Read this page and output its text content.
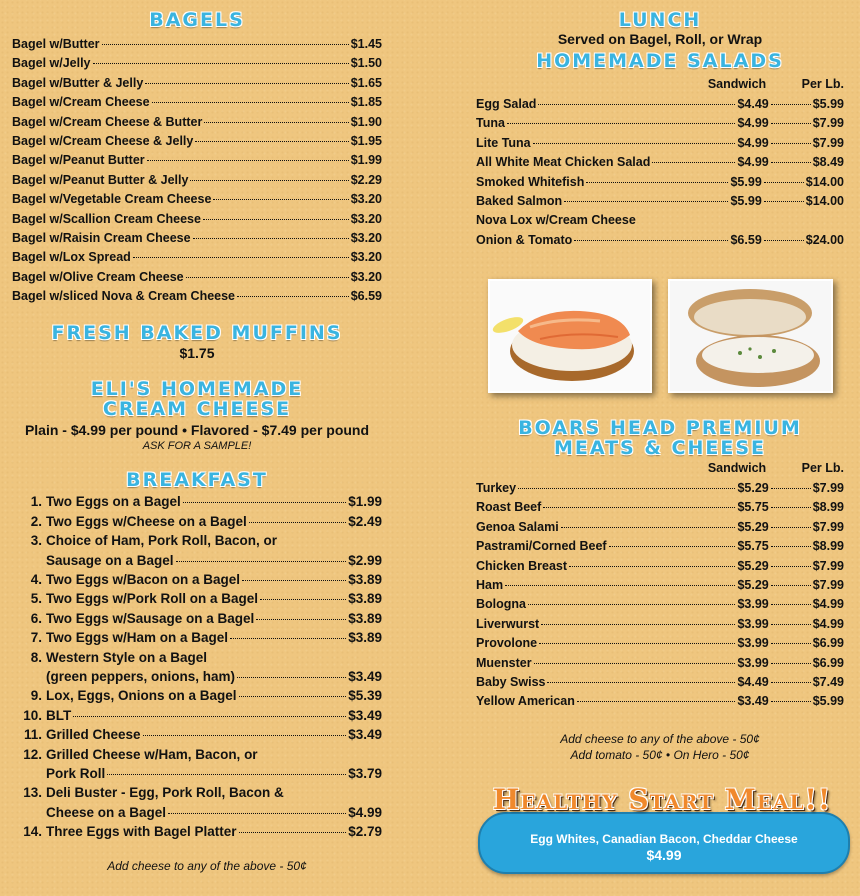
BAGELS
Bagel w/Butter	$1.45
Bagel w/Jelly	$1.50
Bagel w/Butter & Jelly	$1.65
Bagel w/Cream Cheese	$1.85
Bagel w/Cream Cheese & Butter	$1.90
Bagel w/Cream Cheese & Jelly	$1.95
Bagel w/Peanut Butter	$1.99
Bagel w/Peanut Butter & Jelly	$2.29
Bagel w/Vegetable Cream Cheese	$3.20
Bagel w/Scallion Cream Cheese	$3.20
Bagel w/Raisin Cream Cheese	$3.20
Bagel w/Lox Spread	$3.20
Bagel w/Olive Cream Cheese	$3.20
Bagel w/sliced Nova & Cream Cheese	$6.59
FRESH BAKED MUFFINS
$1.75
ELI'S HOMEMADE
CREAM CHEESE
Plain - $4.99 per pound • Flavored - $7.49 per pound
ASK FOR A SAMPLE!
BREAKFAST
1. Two Eggs on a Bagel	$1.99
2. Two Eggs w/Cheese on a Bagel	$2.49
3. Choice of Ham, Pork Roll, Bacon, or
Sausage on a Bagel	$2.99
4. Two Eggs w/Bacon on a Bagel	$3.89
5. Two Eggs w/Pork Roll on a Bagel	$3.89
6. Two Eggs w/Sausage on a Bagel	$3.89
7. Two Eggs w/Ham on a Bagel	$3.89
8. Western Style on a Bagel
(green peppers, onions, ham)	$3.49
9. Lox, Eggs, Onions on a Bagel	$5.39
10. BLT	$3.49
11. Grilled Cheese	$3.49
12. Grilled Cheese w/Ham, Bacon, or
Pork Roll	$3.79
13. Deli Buster - Egg, Pork Roll, Bacon &
Cheese on a Bagel	$4.99
14. Three Eggs with Bagel Platter	$2.79
Add cheese to any of the above - 50¢
LUNCH
Served on Bagel, Roll, or Wrap
HOMEMADE SALADS
Sandwich	Per Lb.
Egg Salad	$4.49	$5.99
Tuna	$4.99	$7.99
Lite Tuna	$4.99	$7.99
All White Meat Chicken Salad	$4.99	$8.49
Smoked Whitefish	$5.99	$14.00
Baked Salmon	$5.99	$14.00
Nova Lox w/Cream Cheese
Onion & Tomato	$6.59	$24.00
BOARS HEAD PREMIUM
MEATS & CHEESE
Sandwich	Per Lb.
Turkey	$5.29	$7.99
Roast Beef	$5.75	$8.99
Genoa Salami	$5.29	$7.99
Pastrami/Corned Beef	$5.75	$8.99
Chicken Breast	$5.29	$7.99
Ham	$5.29	$7.99
Bologna	$3.99	$4.99
Liverwurst	$3.99	$4.99
Provolone	$3.99	$6.99
Muenster	$3.99	$6.99
Baby Swiss	$4.49	$7.49
Yellow American	$3.49	$5.99
Add cheese to any of the above - 50¢
Add tomato - 50¢ • On Hero - 50¢
Egg Whites, Canadian Bacon, Cheddar Cheese
$4.99
Healthy Start Meal!!
